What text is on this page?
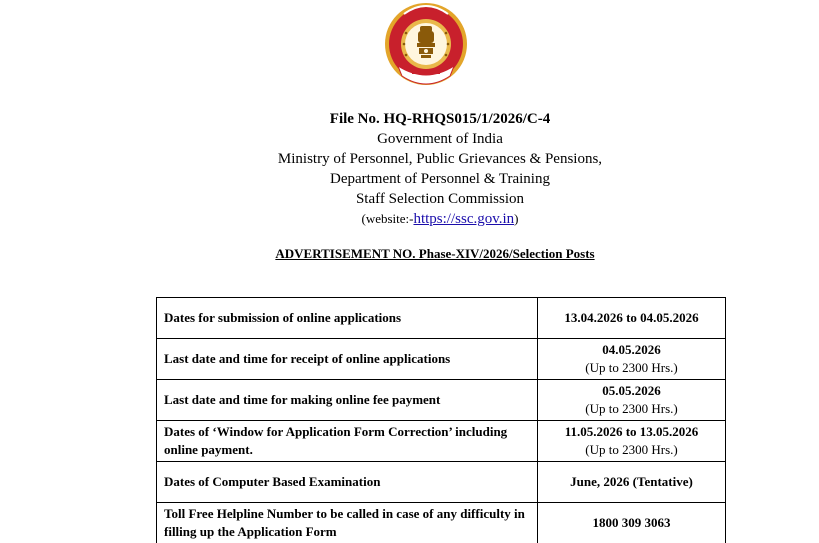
File No. HQ-RHQS015/1/2026/C-4
Government of India
Ministry of Personnel, Public Grievances & Pensions,
Department of Personnel & Training
Staff Selection Commission
(website:-https://ssc.gov.in)
ADVERTISEMENT NO. Phase-XIV/2026/Selection Posts
Dates for submission of online applications	13.04.2026 to 04.05.2026
Last date and time for receipt of online applications	04.05.2026
(Up to 2300 Hrs.)

Last date and time for making online fee payment	05.05.2026
(Up to 2300 Hrs.)

Dates of ‘Window for Application Form Correction’ including online payment.	11.05.2026 to 13.05.2026
(Up to 2300 Hrs.)

Dates of Computer Based Examination	June, 2026 (Tentative)
Toll Free Helpline Number to be called in case of any difficulty in filling up the Application Form	1800 309 3063
